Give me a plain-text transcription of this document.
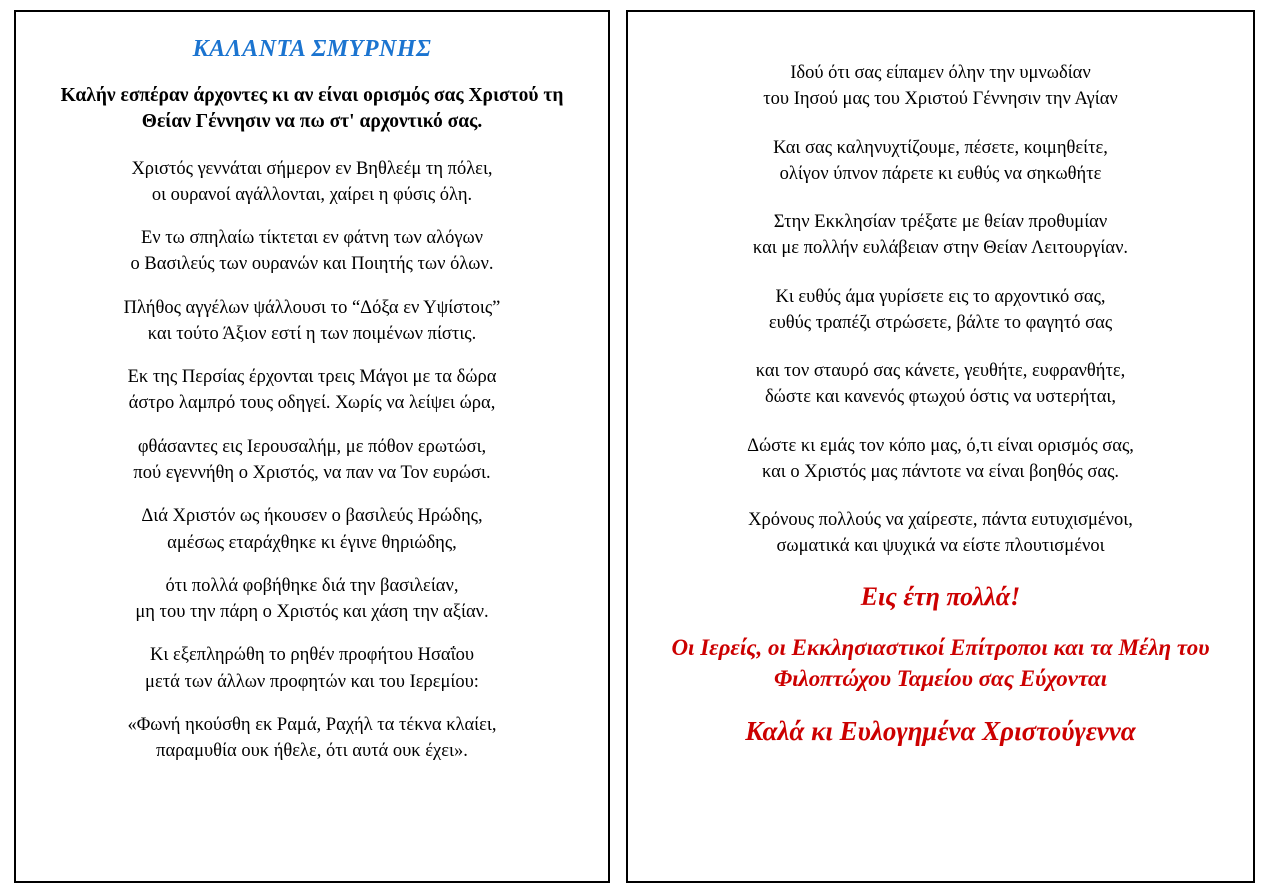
ΚΑΛΑΝΤΑ ΣΜΥΡΝΗΣ
Καλήν εσπέραν άρχοντες κι αν είναι ορισμός σας Χριστού τη Θείαν Γέννησιν να πω στ' αρχοντικό σας.
Χριστός γεννάται σήμερον εν Βηθλεέμ τη πόλει,
οι ουρανοί αγάλλονται, χαίρει η φύσις όλη.
Εν τω σπηλαίω τίκτεται εν φάτνη των αλόγων
ο Βασιλεύς των ουρανών και Ποιητής των όλων.
Πλήθος αγγέλων ψάλλουσι το “Δόξα εν Υψίστοις”
και τούτο Άξιον εστί η των ποιμένων πίστις.
Εκ της Περσίας έρχονται τρεις Μάγοι με τα δώρα
άστρο λαμπρό τους οδηγεί. Χωρίς να λείψει ώρα,
φθάσαντες εις Ιερουσαλήμ, με πόθον ερωτώσι,
πού εγεννήθη ο Χριστός, να παν να Τον ευρώσι.
Διά Χριστόν ως ήκουσεν ο βασιλεύς Ηρώδης,
αμέσως εταράχθηκε κι έγινε θηριώδης,
ότι πολλά φοβήθηκε διά την βασιλείαν,
μη του την πάρη ο Χριστός και χάση την αξίαν.
Κι εξεπληρώθη το ρηθέν προφήτου Ησαΐου
μετά των άλλων προφητών και του Ιερεμίου:
«Φωνή ηκούσθη εκ Ραμά, Ραχήλ τα τέκνα κλαίει,
παραμυθία ουκ ήθελε, ότι αυτά ουκ έχει».
Ιδού ότι σας είπαμεν όλην την υμνωδίαν
του Ιησού μας του Χριστού Γέννησιν την Αγίαν
Και σας καληνυχτίζουμε, πέσετε, κοιμηθείτε,
ολίγον ύπνον πάρετε κι ευθύς να σηκωθήτε
Στην Εκκλησίαν τρέξατε με θείαν προθυμίαν
και με πολλήν ευλάβειαν στην Θείαν Λειτουργίαν.
Κι ευθύς άμα γυρίσετε εις το αρχοντικό σας,
ευθύς τραπέζι στρώσετε, βάλτε το φαγητό σας
και τον σταυρό σας κάνετε, γευθήτε, ευφρανθήτε,
δώστε και κανενός φτωχού όστις να υστερήται,
Δώστε κι εμάς τον κόπο μας, ό,τι είναι ορισμός σας,
και ο Χριστός μας πάντοτε να είναι βοηθός σας.
Χρόνους πολλούς να χαίρεστε, πάντα ευτυχισμένοι,
σωματικά και ψυχικά να είστε πλουτισμένοι
Εις έτη πολλά!
Οι Ιερείς, οι Εκκλησιαστικοί Επίτροποι και τα Μέλη του Φιλοπτώχου Ταμείου σας Εύχονται
Καλά κι Ευλογημένα Χριστούγεννα
